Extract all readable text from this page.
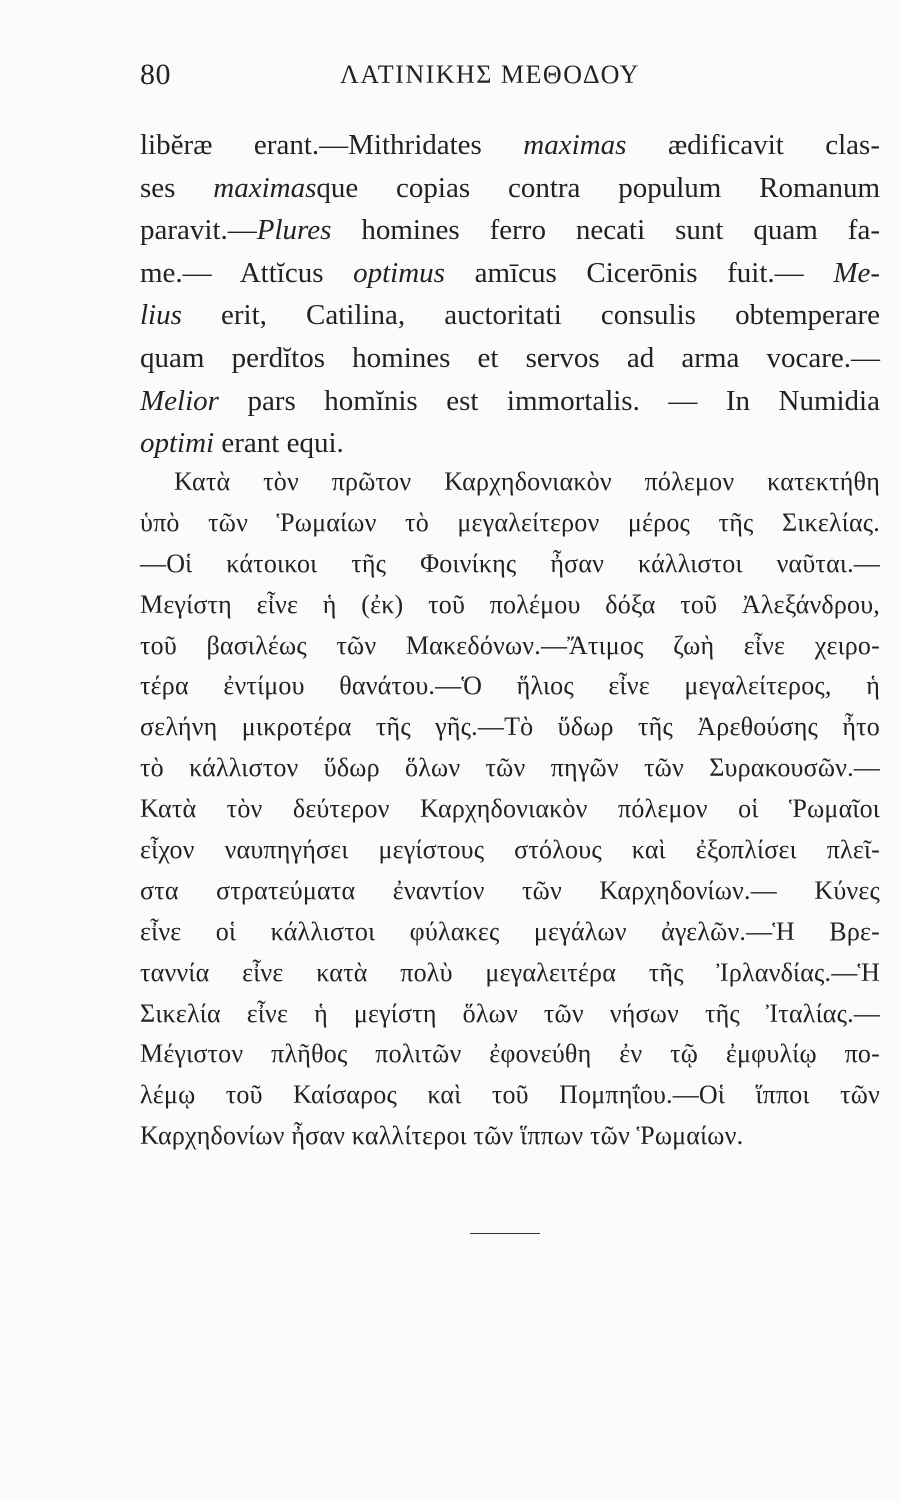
80	ΛΑΤΙΝΙΚΗΣ ΜΕΘΟΔΟΥ
libĕræ erant.—Mithridates maximas ædificavit clas-
ses maximasque copias contra populum Romanum
paravit.—Plures homines ferro necati sunt quam fa-
me.— Attĭcus optimus amīcus Cicerōnis fuit.— Me-
lius erit, Catilina, auctoritati consulis obtemperare
quam perdĭtos homines et servos ad arma vocare.—
Melior pars homĭnis est immortalis. — In Numidia
optimi erant equi.
Κατὰ τὸν πρῶτον Καρχηδονιακὸν πόλεμον κατεκτήθη
ὑπὸ τῶν Ῥωμαίων τὸ μεγαλείτερον μέρος τῆς Σικελίας.
—Οἱ κάτοικοι τῆς Φοινίκης ἦσαν κάλλιστοι ναῦται.—
Μεγίστη εἶνε ἡ (ἐκ) τοῦ πολέμου δόξα τοῦ Ἀλεξάνδρου,
τοῦ βασιλέως τῶν Μακεδόνων.—Ἄτιμος ζωὴ εἶνε χειρο-
τέρα ἐντίμου θανάτου.—Ὁ ἥλιος εἶνε μεγαλείτερος, ἡ
σελήνη μικροτέρα τῆς γῆς.—Τὸ ὕδωρ τῆς Ἀρεθούσης ἦτο
τὸ κάλλιστον ὕδωρ ὅλων τῶν πηγῶν τῶν Συρακουσῶν.—
Κατὰ τὸν δεύτερον Καρχηδονιακὸν πόλεμον οἱ Ῥωμαῖοι
εἶχον ναυπηγήσει μεγίστους στόλους καὶ ἐξοπλίσει πλεῖ-
στα στρατεύματα ἐναντίον τῶν Καρχηδονίων.— Κύνες
εἶνε οἱ κάλλιστοι φύλακες μεγάλων ἀγελῶν.—Ἡ Βρε-
ταννία εἶνε κατὰ πολὺ μεγαλειτέρα τῆς Ἰρλανδίας.—Ἡ
Σικελία εἶνε ἡ μεγίστη ὅλων τῶν νήσων τῆς Ἰταλίας.—
Μέγιστον πλῆθος πολιτῶν ἐφονεύθη ἐν τῷ ἐμφυλίῳ πο-
λέμῳ τοῦ Καίσαρος καὶ τοῦ Πομπηΐου.—Οἱ ἵπποι τῶν
Καρχηδονίων ἦσαν καλλίτεροι τῶν ἵππων τῶν Ῥωμαίων.
